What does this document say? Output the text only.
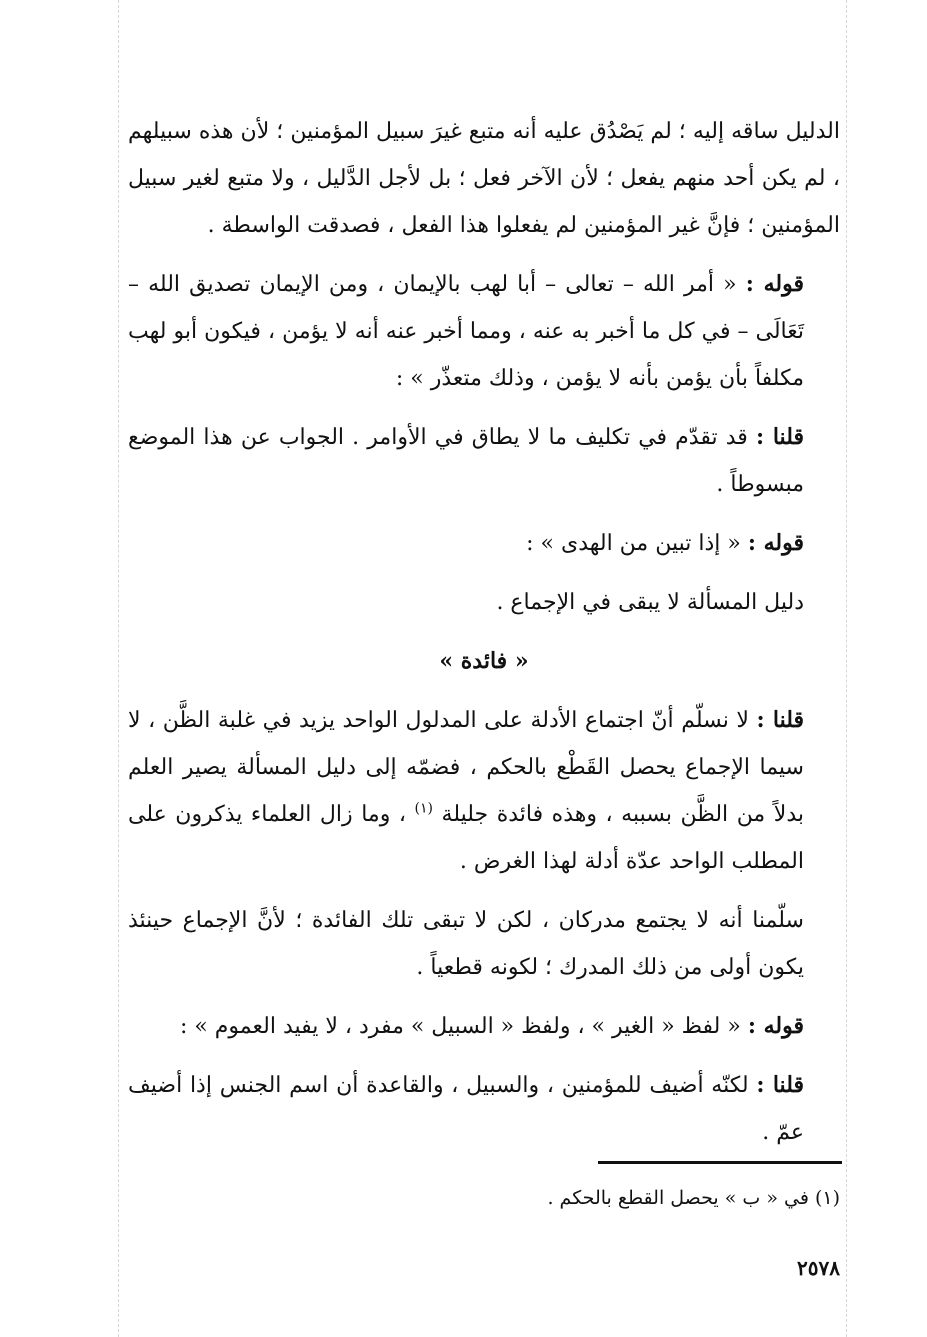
الدليل ساقه إليه ؛ لم يَصْدُق عليه أنه متبع غيرَ سبيل المؤمنين ؛ لأن هذه سبيلهم ، لم يكن أحد منهم يفعل ؛ لأن الآخر فعل ؛ بل لأجل الدَّليل ، ولا متبع لغير سبيل المؤمنين ؛ فإنَّ غير المؤمنين لم يفعلوا هذا الفعل ، فصدقت الواسطة .

قوله : « أمر الله – تعالى – أبا لهب بالإيمان ، ومن الإيمان تصديق الله – تَعَالَى – في كل ما أخبر به عنه ، ومما أخبر عنه أنه لا يؤمن ، فيكون أبو لهب مكلفاً بأن يؤمن بأنه لا يؤمن ، وذلك متعذّر » :

قلنا : قد تقدّم في تكليف ما لا يطاق في الأوامر . الجواب عن هذا الموضع مبسوطاً .

قوله : « إذا تبين من الهدى » :

دليل المسألة لا يبقى في الإجماع .

« فائدة »

قلنا : لا نسلّم أنّ اجتماع الأدلة على المدلول الواحد يزيد في غلبة الظَّن ، لا سيما الإجماع يحصل القَطْع بالحكم ، فضمّه إلى دليل المسألة يصير العلم بدلاً من الظَّن بسببه ، وهذه فائدة جليلة $^{(١)}$ ، وما زال العلماء يذكرون على المطلب الواحد عدّة أدلة لهذا الغرض .

سلّمنا أنه لا يجتمع مدركان ، لكن لا تبقى تلك الفائدة ؛ لأنَّ الإجماع حينئذ يكون أولى من ذلك المدرك ؛ لكونه قطعياً .

قوله : « لفظ « الغير » ، ولفظ « السبيل » مفرد ، لا يفيد العموم » :

قلنا : لكنّه أضيف للمؤمنين ، والسبيل ، والقاعدة أن اسم الجنس إذا أضيف عمّ .

(١) في « ب » يحصل القطع بالحكم .
٢٥٧٨
